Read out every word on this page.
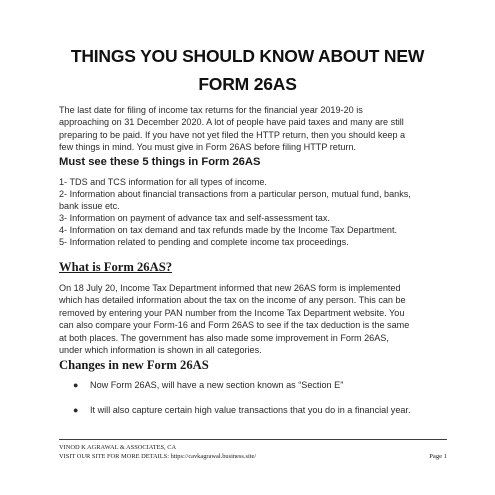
THINGS YOU SHOULD KNOW ABOUT NEW
FORM 26AS
The last date for filing of income tax returns for the financial year 2019-20 is
approaching on 31 December 2020. A lot of people have paid taxes and many are still
preparing to be paid. If you have not yet filed the HTTP return, then you should keep a
few things in mind. You must give in Form 26AS before filing HTTP return.
Must see these 5 things in Form 26AS
1- TDS and TCS information for all types of income.
2- Information about financial transactions from a particular person, mutual fund, banks,
bank issue etc.
3- Information on payment of advance tax and self-assessment tax.
4- Information on tax demand and tax refunds made by the Income Tax Department.
5- Information related to pending and complete income tax proceedings.
What is Form 26AS?
On 18 July 20, Income Tax Department informed that new 26AS form is implemented
which has detailed information about the tax on the income of any person. This can be
removed by entering your PAN number from the Income Tax Department website. You
can also compare your Form-16 and Form 26AS to see if the tax deduction is the same
at both places. The government has also made some improvement in Form 26AS,
under which information is shown in all categories.
Changes in new Form 26AS
● Now Form 26AS, will have a new section known as “Section E”
● It will also capture certain high value transactions that you do in a financial year.
VINOD K AGRAWAL & ASSOCIATES, CA
VISIT OUR SITE FOR MORE DETAILS: https://cavkagrawal.business.site/	Page 1
